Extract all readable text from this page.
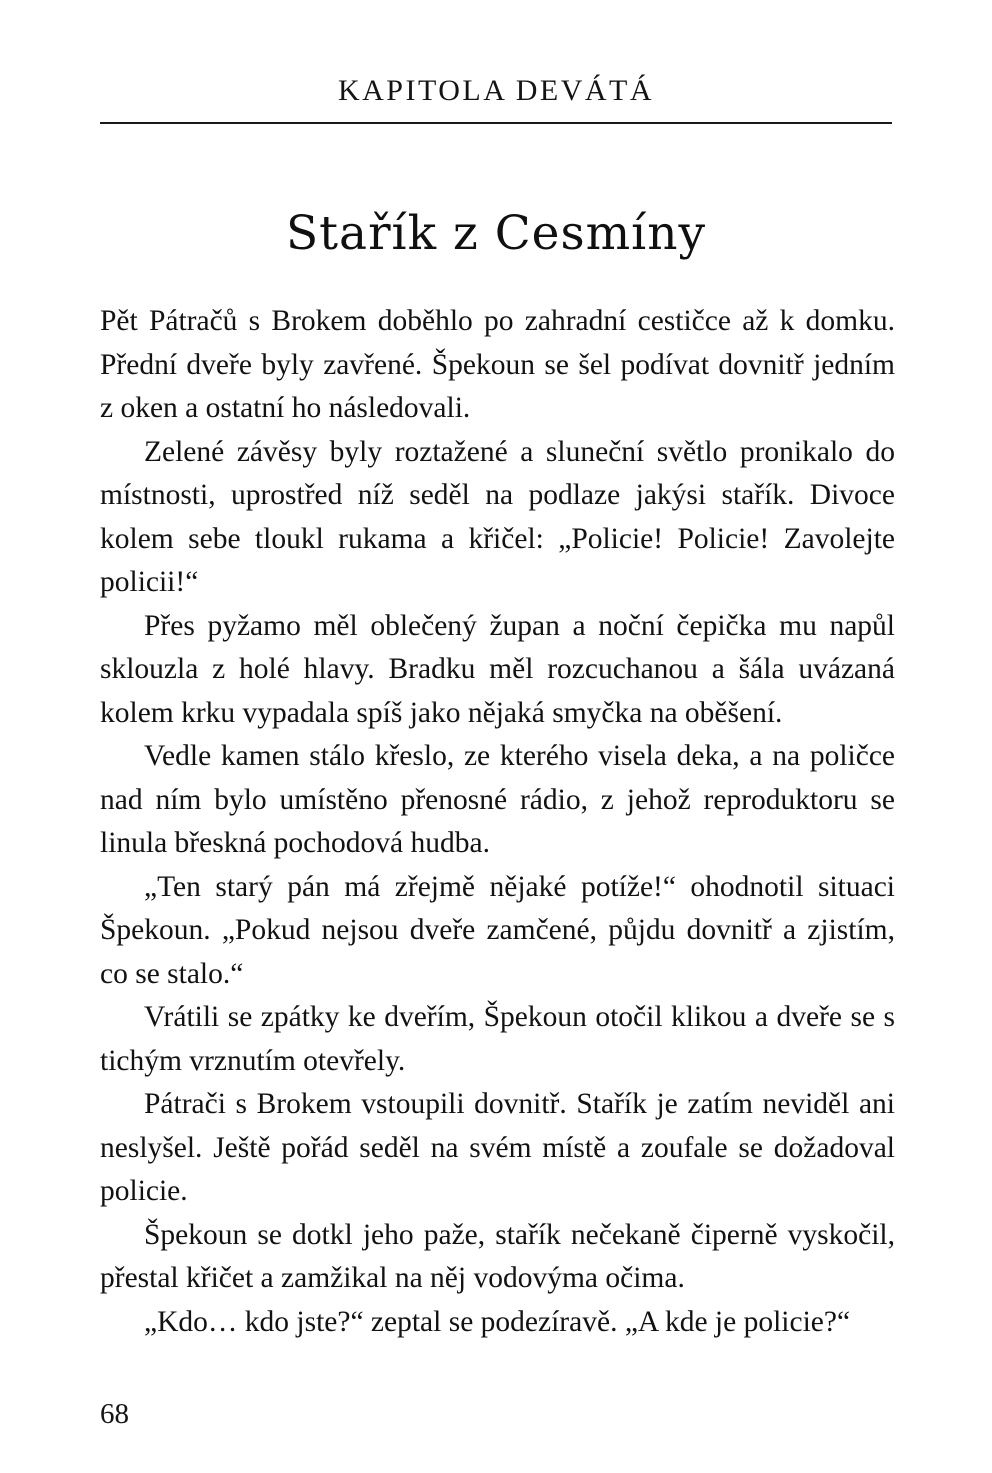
KAPITOLA DEVÁTÁ
Stařík z Cesmíny

Pět Pátračů s Brokem doběhlo po zahradní cestičce až k domku. Přední dveře byly zavřené. Špekoun se šel podívat dovnitř jedním z oken a ostatní ho následovali.

Zelené závěsy byly roztažené a sluneční světlo pronikalo do místnosti, uprostřed níž seděl na podlaze jakýsi stařík. Divoce kolem sebe tloukl rukama a křičel: „Policie! Policie! Zavolejte policii!“

Přes pyžamo měl oblečený župan a noční čepička mu napůl sklouzla z holé hlavy. Bradku měl rozcuchanou a šála uvázaná kolem krku vypadala spíš jako nějaká smyčka na oběšení.

Vedle kamen stálo křeslo, ze kterého visela deka, a na poličce nad ním bylo umístěno přenosné rádio, z jehož reproduktoru se linula břeskná pochodová hudba.

„Ten starý pán má zřejmě nějaké potíže!“ ohodnotil situaci Špekoun. „Pokud nejsou dveře zamčené, půjdu dovnitř a zjistím, co se stalo.“

Vrátili se zpátky ke dveřím, Špekoun otočil klikou a dveře se s tichým vrznutím otevřely.

Pátrači s Brokem vstoupili dovnitř. Stařík je zatím neviděl ani neslyšel. Ještě pořád seděl na svém místě a zoufale se dožadoval policie.

Špekoun se dotkl jeho paže, stařík nečekaně čiperně vyskočil, přestal křičet a zamžikal na něj vodovýma očima.

„Kdo… kdo jste?“ zeptal se podezíravě. „A kde je policie?“

68
